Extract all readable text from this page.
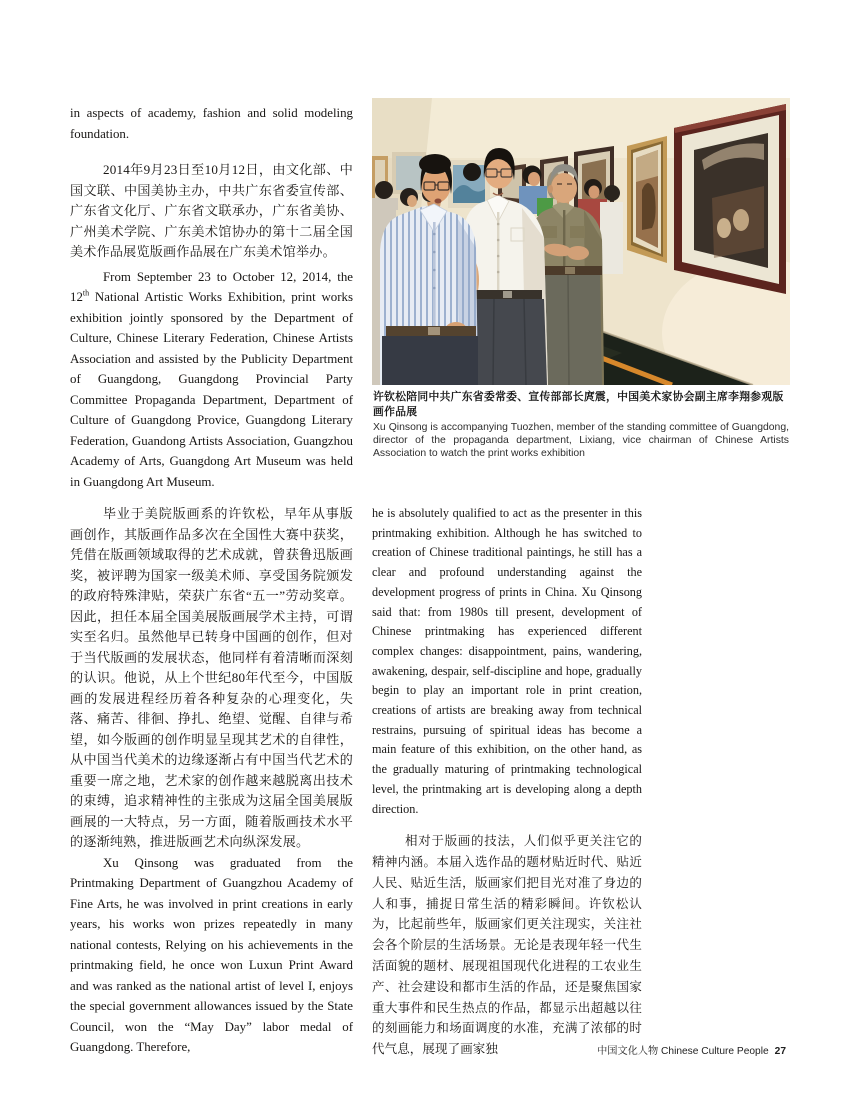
in aspects of academy, fashion and solid modeling foundation.

2014年9月23日至10月12日，由文化部、中国文联、中国美协主办，中共广东省委宣传部、广东省文化厅、广东省文联承办，广东省美协、广州美术学院、广东美术馆协办的第十二届全国美术作品展览版画作品展在广东美术馆举办。

From September 23 to October 12, 2014, the 12th National Artistic Works Exhibition, print works exhibition jointly sponsored by the Department of Culture, Chinese Literary Federation, Chinese Artists Association and assisted by the Publicity Department of Guangdong, Guangdong Provincial Party Committee Propaganda Department, Department of Culture of Guangdong Provice, Guangdong Literary Federation, Guandong Artists Association, Guangzhou Academy of Arts, Guangdong Art Museum was held in Guangdong Art Museum.

毕业于美院版画系的许钦松，早年从事版画创作，其版画作品多次在全国性大赛中获奖，凭借在版画领域取得的艺术成就，曾获鲁迅版画奖，被评聘为国家一级美术师、享受国务院颁发的政府特殊津贴，荣获广东省“五一”劳动奖章。因此，担任本届全国美展版画展学术主持，可谓实至名归。虽然他早已转身中国画的创作，但对于当代版画的发展状态，他同样有着清晰而深刻的认识。他说，从上个世纪80年代至今，中国版画的发展进程经历着各种复杂的心理变化，失落、痛苦、徘徊、挣扎、绝望、觉醒、自律与希望，如今版画的创作明显呈现其艺术的自律性，从中国当代美术的边缘逐渐占有中国当代艺术的重要一席之地，艺术家的创作越来越脱离出技术的束缚，追求精神性的主张成为这届全国美展版画展的一大特点，另一方面，随着版画技术水平的逐渐纯熟，推进版画艺术向纵深发展。

Xu Qinsong was graduated from the Printmaking Department of Guangzhou Academy of Fine Arts, he was involved in print creations in early years, his works won prizes repeatedly in many national contests, Relying on his achievements in the printmaking field, he once won Luxun Print Award and was ranked as the national artist of level I, enjoys the special government allowances issued by the State Council, won the “May Day” labor medal of Guangdong. Therefore,

许钦松陪同中共广东省委常委、宣传部部长庹震，中国美术家协会副主席李翔参观版画作品展
Xu Qinsong is accompanying Tuozhen, member of the standing committee of Guangdong, director of the propaganda department, Lixiang, vice chairman of Chinese Artists Association to watch the print works exhibition

he is absolutely qualified to act as the presenter in this printmaking exhibition. Although he has switched to creation of Chinese traditional paintings, he still has a clear and profound understanding against the development progress of prints in China. Xu Qinsong said that: from 1980s till present, development of Chinese printmaking has experienced different complex changes: disappointment, pains, wandering, awakening, despair, self-discipline and hope, gradually begin to play an important role in print creation, creations of artists are breaking away from technical restrains, pursuing of spiritual ideas has become a main feature of this exhibition, on the other hand, as the gradually maturing of printmaking technological level, the printmaking art is developing along a depth direction.

相对于版画的技法，人们似乎更关注它的精神内涵。本届入选作品的题材贴近时代、贴近人民、贴近生活，版画家们把目光对准了身边的人和事，捕捉日常生活的精彩瞬间。许钦松认为，比起前些年，版画家们更关注现实，关注社会各个阶层的生活场景。无论是表现年轻一代生活面貌的题材、展现祖国现代化进程的工农业生产、社会建设和都市生活的作品，还是聚焦国家重大事件和民生热点的作品，都显示出超越以往的刻画能力和场面调度的水准，充满了浓郁的时代气息，展现了画家独	中国文化人物 Chinese Culture People 27
